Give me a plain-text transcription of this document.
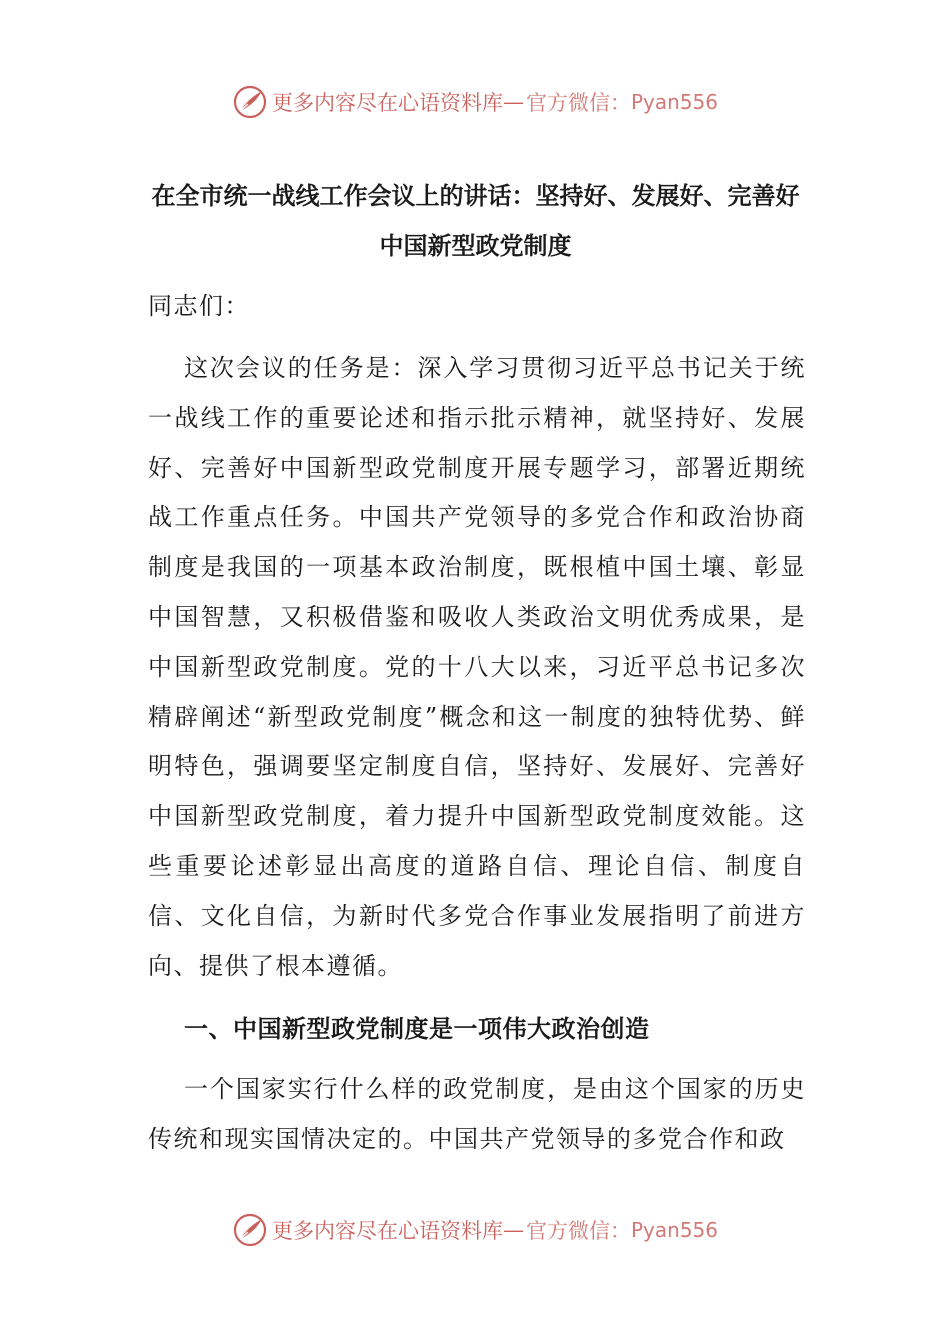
更多内容尽在心语资料库 — 官方微信： Pyan556
在全市统一战线工作会议上的讲话：坚持好、发展好、完善好中国新型政党制度

同志们：

这次会议的任务是：深入学习贯彻习近平总书记关于统一战线工作的重要论述和指示批示精神，就坚持好、发展好、完善好中国新型政党制度开展专题学习，部署近期统战工作重点任务。中国共产党领导的多党合作和政治协商制度是我国的一项基本政治制度，既根植中国土壤、彰显中国智慧，又积极借鉴和吸收人类政治文明优秀成果，是中国新型政党制度。党的十八大以来，习近平总书记多次精辟阐述“新型政党制度”概念和这一制度的独特优势、鲜明特色，强调要坚定制度自信，坚持好、发展好、完善好中国新型政党制度，着力提升中国新型政党制度效能。这些重要论述彰显出高度的道路自信、理论自信、制度自信、文化自信，为新时代多党合作事业发展指明了前进方向、提供了根本遵循。

一、中国新型政党制度是一项伟大政治创造

一个国家实行什么样的政党制度，是由这个国家的历史传统和现实国情决定的。中国共产党领导的多党合作和政

更多内容尽在心语资料库 — 官方微信： Pyan556
